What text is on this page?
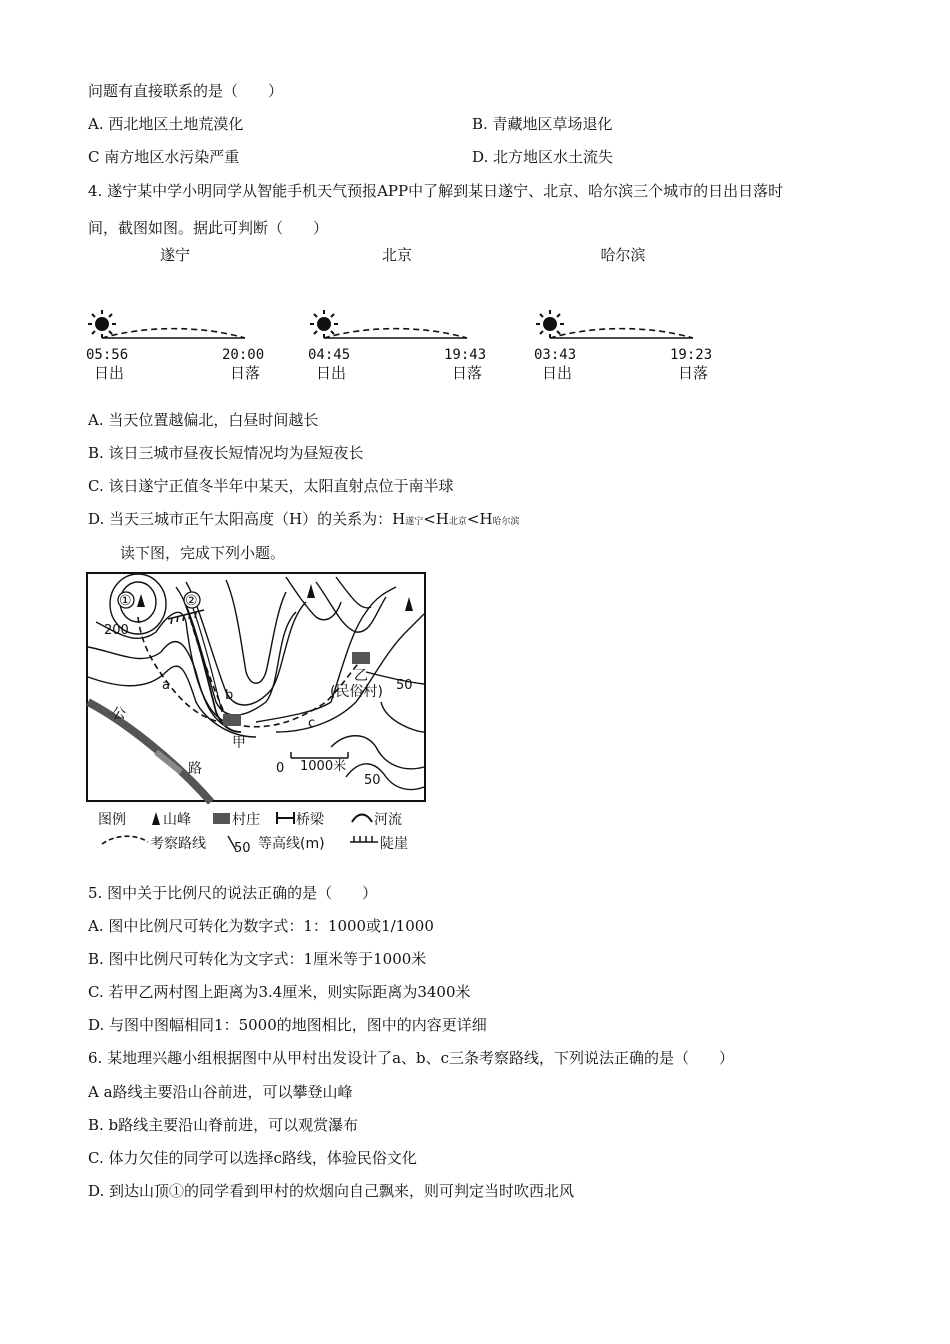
问题有直接联系的是（　　）
A. 西北地区土地荒漠化	B. 青藏地区草场退化
C 南方地区水污染严重	D. 北方地区水土流失
4. 遂宁某中学小明同学从智能手机天气预报APP中了解到某日遂宁、北京、哈尔滨三个城市的日出日落时
间，截图如图。据此可判断（　　）
遂宁
05:56	20:00
日出	日落
北京
04:45	19:43
日出	日落
哈尔滨
03:43	19:23
日出	日落
A. 当天位置越偏北，白昼时间越长
B. 该日三城市昼夜长短情况均为昼短夜长
C. 该日遂宁正值冬半年中某天，太阳直射点位于南半球
D. 当天三城市正午太阳高度（H）的关系为：H遂宁<H北京<H哈尔滨
读下图，完成下列小题。
①	②
200
50
50
a
b
c
甲
乙
(民俗村)
公
路	0 1000米
图例	山峰	村庄	桥梁	河流
考察路线 50 等高线(m)	陡崖
5. 图中关于比例尺的说法正确的是（　　）
A. 图中比例尺可转化为数字式：1：1000或1/1000
B. 图中比例尺可转化为文字式：1厘米等于1000米
C. 若甲乙两村图上距离为3.4厘米，则实际距离为3400米
D. 与图中图幅相同1：5000的地图相比，图中的内容更详细
6. 某地理兴趣小组根据图中从甲村出发设计了a、b、c三条考察路线，下列说法正确的是（　　）
A a路线主要沿山谷前进，可以攀登山峰
B. b路线主要沿山脊前进，可以观赏瀑布
C. 体力欠佳的同学可以选择c路线，体验民俗文化
D. 到达山顶①的同学看到甲村的炊烟向自己飘来，则可判定当时吹西北风
